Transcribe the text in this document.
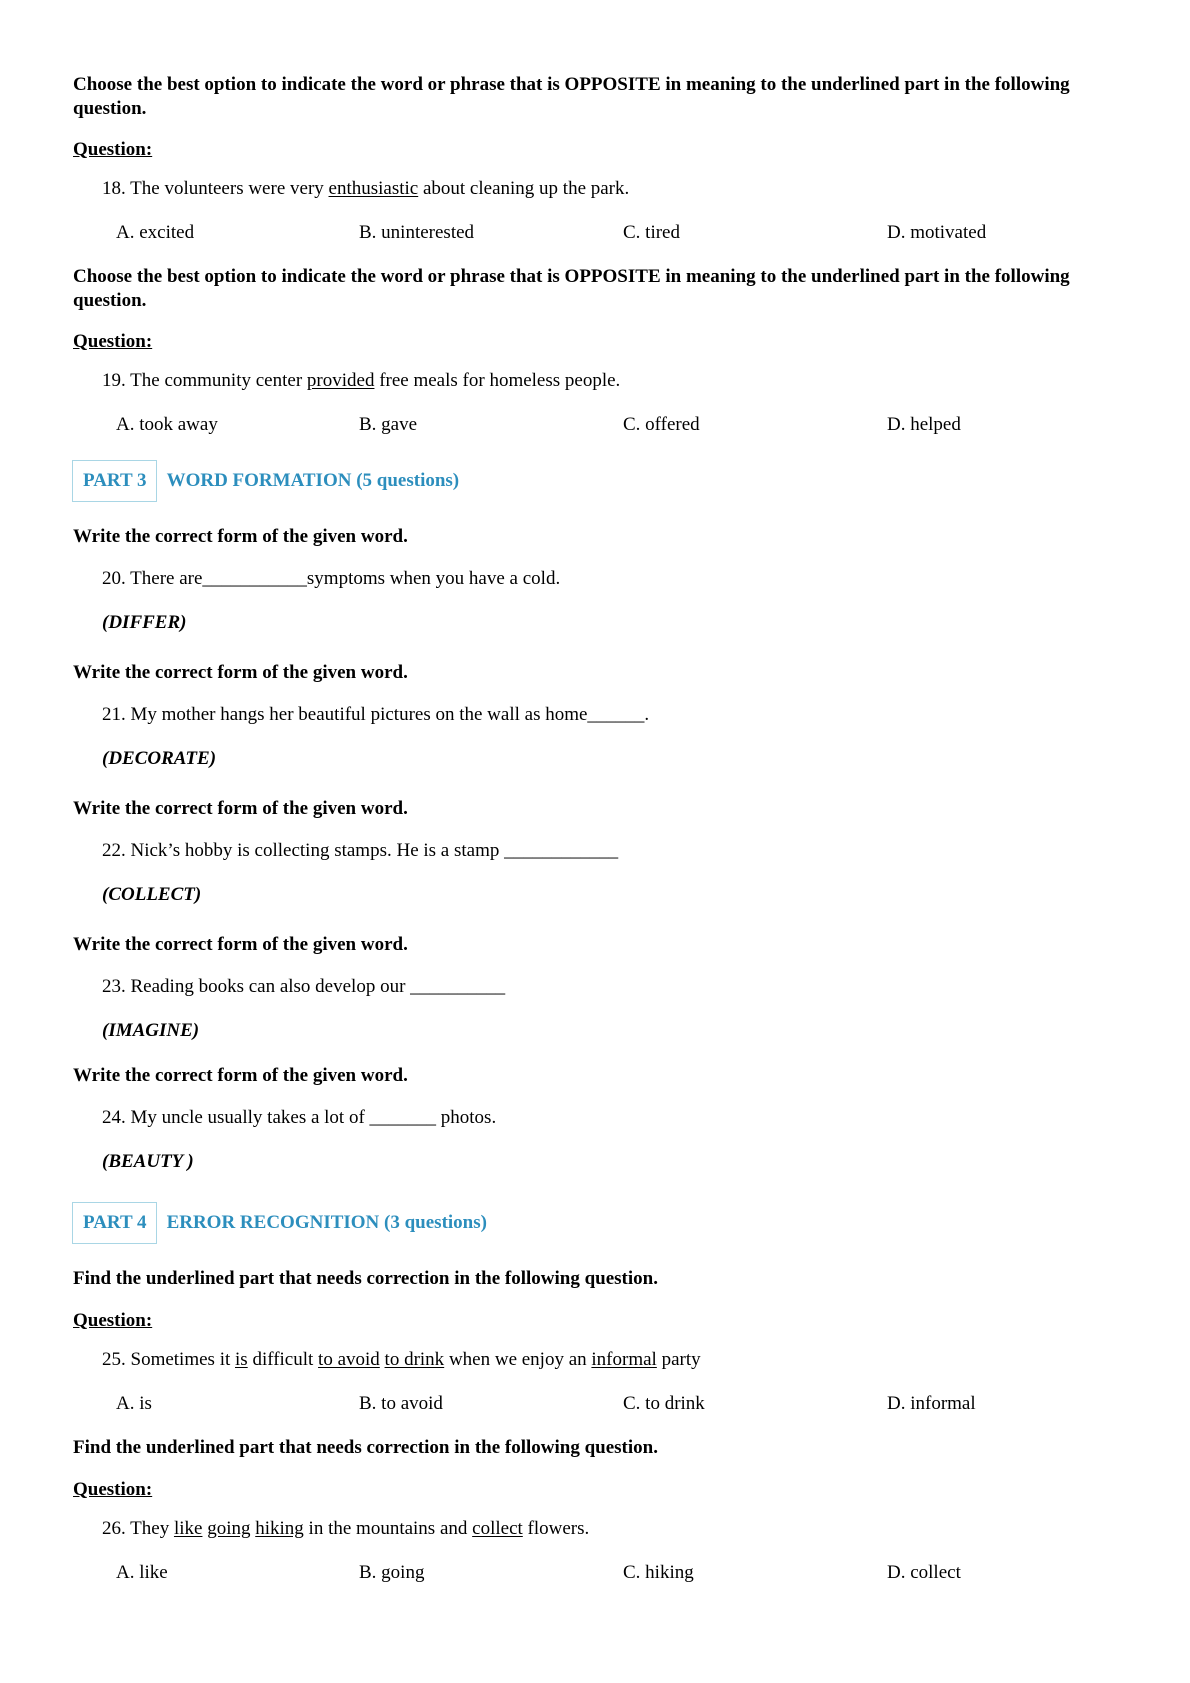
Choose the best option to indicate the word or phrase that is OPPOSITE in meaning to the underlined part in the following question.

Question:

18. The volunteers were very enthusiastic about cleaning up the park.

A. excited	B. uninterested	C. tired	D. motivated

Choose the best option to indicate the word or phrase that is OPPOSITE in meaning to the underlined part in the following question.

Question:

19. The community center provided free meals for homeless people.

A. took away	B. gave	C. offered	D. helped
PART 3	WORD FORMATION (5 questions)

Write the correct form of the given word.

20. There are___________symptoms when you have a cold.

(DIFFER)

Write the correct form of the given word.

21. My mother hangs her beautiful pictures on the wall as home______.

(DECORATE)

Write the correct form of the given word.

22. Nick’s hobby is collecting stamps. He is a stamp ____________

(COLLECT)

Write the correct form of the given word.

23. Reading books can also develop our __________

(IMAGINE)

Write the correct form of the given word.

24. My uncle usually takes a lot of _______ photos.

(BEAUTY )

PART 4	ERROR RECOGNITION (3 questions)

Find the underlined part that needs correction in the following question.

Question:

25. Sometimes it is difficult to avoid to drink when we enjoy an informal party

A. is	B. to avoid	C. to drink	D. informal

Find the underlined part that needs correction in the following question.

Question:

26. They like going hiking in the mountains and collect flowers.

A. like	B. going	C. hiking	D. collect
